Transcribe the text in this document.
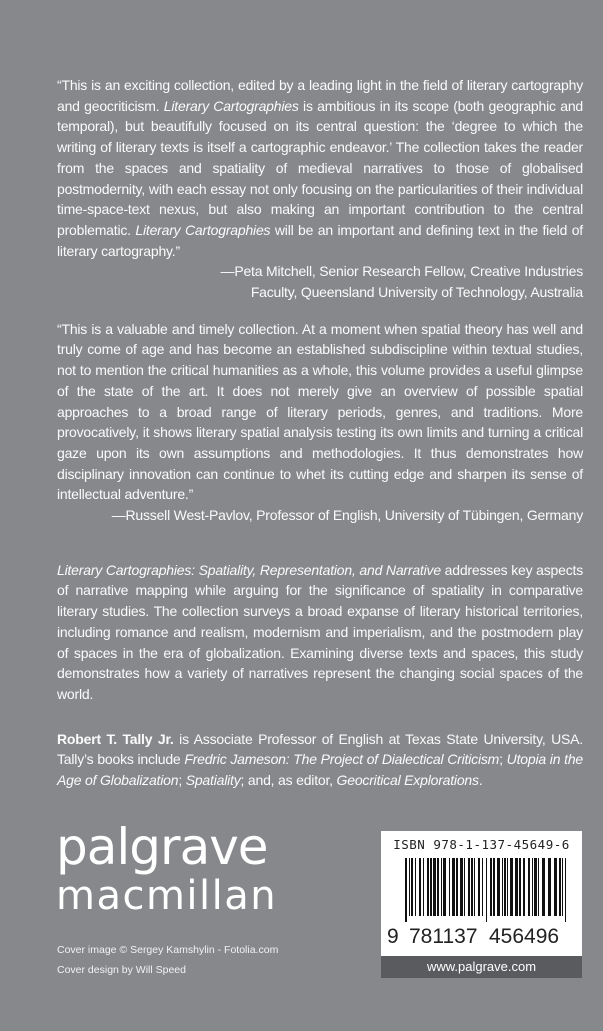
“This is an exciting collection, edited by a leading light in the field of literary cartography and geocriticism. Literary Cartographies is ambitious in its scope (both geographic and temporal), but beautifully focused on its central question: the ‘degree to which the writing of literary texts is itself a cartographic endeavor.’ The collection takes the reader from the spaces and spatiality of medieval narratives to those of globalised postmodernity, with each essay not only focusing on the particularities of their individual time-space-text nexus, but also making an important contribution to the central problematic. Literary Cartographies will be an important and defining text in the field of literary cartography.”
—Peta Mitchell, Senior Research Fellow, Creative Industries
Faculty, Queensland University of Technology, Australia
“This is a valuable and timely collection. At a moment when spatial theory has well and truly come of age and has become an established subdiscipline within textual studies, not to mention the critical humanities as a whole, this volume provides a useful glimpse of the state of the art. It does not merely give an overview of possible spatial approaches to a broad range of literary periods, genres, and traditions. More provocatively, it shows literary spatial analysis testing its own limits and turning a critical gaze upon its own assumptions and methodologies. It thus demonstrates how disciplinary innovation can continue to whet its cutting edge and sharpen its sense of intellectual adventure.”
—Russell West-Pavlov, Professor of English, University of Tübingen, Germany
Literary Cartographies: Spatiality, Representation, and Narrative addresses key aspects of narrative mapping while arguing for the significance of spatiality in comparative literary studies. The collection surveys a broad expanse of literary historical territories, including romance and realism, modernism and imperialism, and the postmodern play of spaces in the era of globalization. Examining diverse texts and spaces, this study demonstrates how a variety of narratives represent the changing social spaces of the world.
Robert T. Tally Jr. is Associate Professor of English at Texas State University, USA. Tally’s books include Fredric Jameson: The Project of Dialectical Criticism; Utopia in the Age of Globalization; Spatiality; and, as editor, Geocritical Explorations.
palgrave
macmillan
Cover image © Sergey Kamshylin - Fotolia.com
Cover design by Will Speed
ISBN 978-1-137-45649-6
9 781137 456496
www.palgrave.com
